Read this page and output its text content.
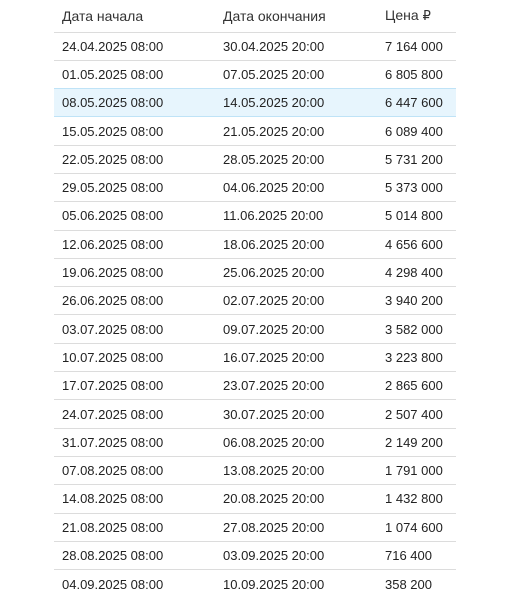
Дата начала	Дата окончания	Цена ₽
24.04.2025 08:00	30.04.2025 20:00	7 164 000
01.05.2025 08:00	07.05.2025 20:00	6 805 800
08.05.2025 08:00	14.05.2025 20:00	6 447 600
15.05.2025 08:00	21.05.2025 20:00	6 089 400
22.05.2025 08:00	28.05.2025 20:00	5 731 200
29.05.2025 08:00	04.06.2025 20:00	5 373 000
05.06.2025 08:00	11.06.2025 20:00	5 014 800
12.06.2025 08:00	18.06.2025 20:00	4 656 600
19.06.2025 08:00	25.06.2025 20:00	4 298 400
26.06.2025 08:00	02.07.2025 20:00	3 940 200
03.07.2025 08:00	09.07.2025 20:00	3 582 000
10.07.2025 08:00	16.07.2025 20:00	3 223 800
17.07.2025 08:00	23.07.2025 20:00	2 865 600
24.07.2025 08:00	30.07.2025 20:00	2 507 400
31.07.2025 08:00	06.08.2025 20:00	2 149 200
07.08.2025 08:00	13.08.2025 20:00	1 791 000
14.08.2025 08:00	20.08.2025 20:00	1 432 800
21.08.2025 08:00	27.08.2025 20:00	1 074 600
28.08.2025 08:00	03.09.2025 20:00	716 400
04.09.2025 08:00	10.09.2025 20:00	358 200
